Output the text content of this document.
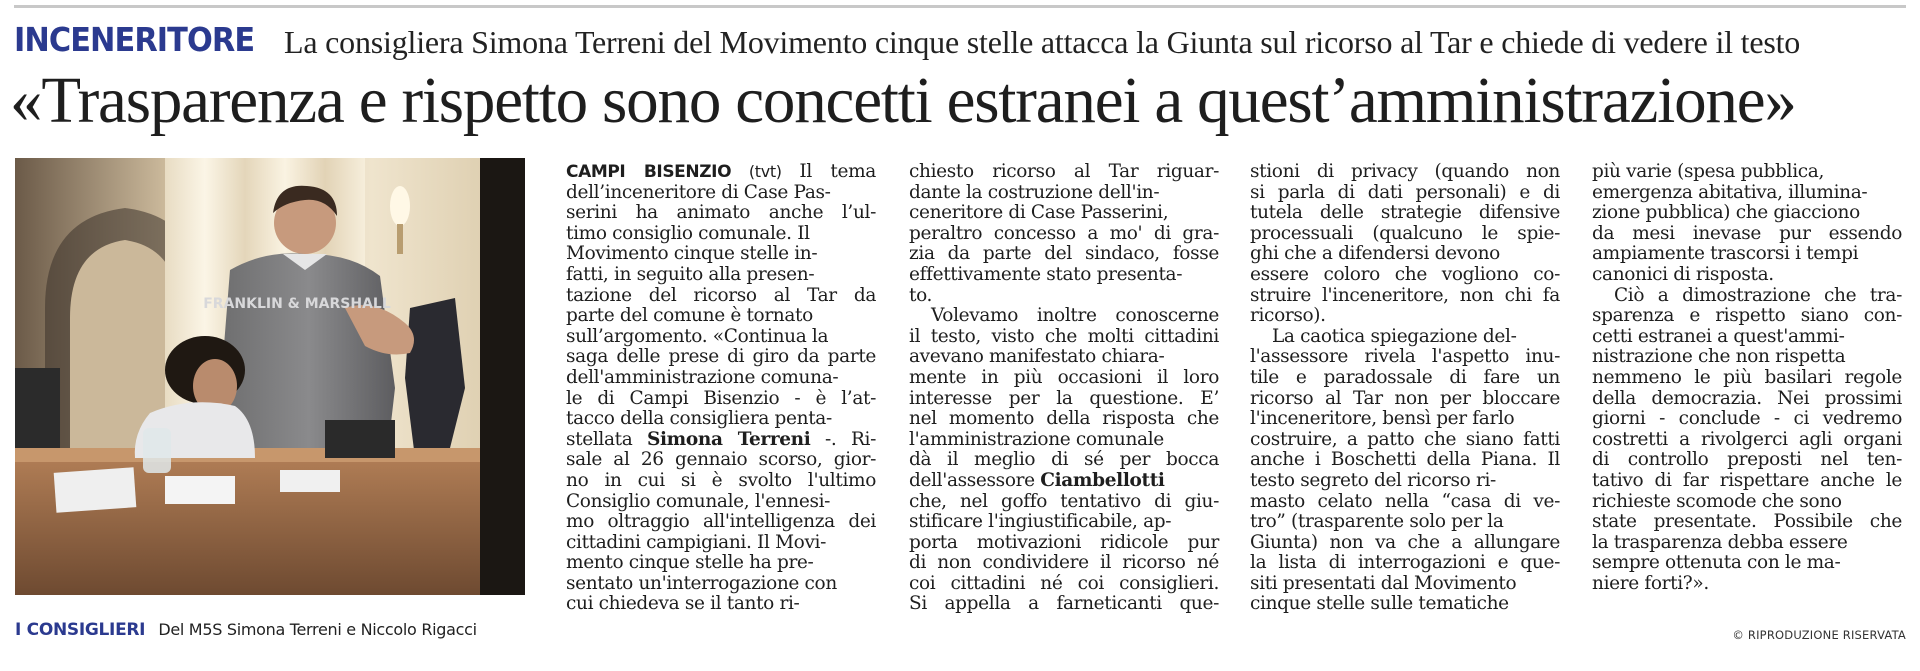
INCENERITORE La consigliera Simona Terreni del Movimento cinque stelle attacca la Giunta sul ricorso al Tar e chiede di vedere il testo
«Trasparenza e rispetto sono concetti estranei a quest’amministrazione»
FRANKLIN & MARSHALL
I CONSIGLIERI Del M5S Simona Terreni e Niccolo Rigacci
CAMPI BISENZIO (tvt) Il tema
dell’inceneritore di Case Pas-
serini ha animato anche l’ul-
timo consiglio comunale. Il
Movimento cinque stelle in-
fatti, in seguito alla presen-
tazione del ricorso al Tar da
parte del comune è tornato
sull’argomento. «Continua la
saga delle prese di giro da parte
dell'amministrazione comuna-
le di Campi Bisenzio - è l’at-
tacco della consigliera penta-
stellata Simona Terreni -. Ri-
sale al 26 gennaio scorso, gior-
no in cui si è svolto l'ultimo
Consiglio comunale, l'ennesi-
mo oltraggio all'intelligenza dei
cittadini campigiani. Il Movi-
mento cinque stelle ha pre-
sentato un'interrogazione con
cui chiedeva se il tanto ri-
chiesto ricorso al Tar riguar-
dante la costruzione dell'in-
ceneritore di Case Passerini,
peraltro concesso a mo' di gra-
zia da parte del sindaco, fosse
effettivamente stato presenta-
to.
Volevamo inoltre conoscerne
il testo, visto che molti cittadini
avevano manifestato chiara-
mente in più occasioni il loro
interesse per la questione. E’
nel momento della risposta che
l'amministrazione comunale
dà il meglio di sé per bocca
dell'assessore Ciambellotti
che, nel goffo tentativo di giu-
stificare l'ingiustificabile, ap-
porta motivazioni ridicole pur
di non condividere il ricorso né
coi cittadini né coi consiglieri.
Si appella a farneticanti que-
stioni di privacy (quando non
si parla di dati personali) e di
tutela delle strategie difensive
processuali (qualcuno le spie-
ghi che a difendersi devono
essere coloro che vogliono co-
struire l'inceneritore, non chi fa
ricorso).
La caotica spiegazione del-
l'assessore rivela l'aspetto inu-
tile e paradossale di fare un
ricorso al Tar non per bloccare
l'inceneritore, bensì per farlo
costruire, a patto che siano fatti
anche i Boschetti della Piana. Il
testo segreto del ricorso ri-
masto celato nella “casa di ve-
tro” (trasparente solo per la
Giunta) non va che a allungare
la lista di interrogazioni e que-
siti presentati dal Movimento
cinque stelle sulle tematiche
più varie (spesa pubblica,
emergenza abitativa, illumina-
zione pubblica) che giacciono
da mesi inevase pur essendo
ampiamente trascorsi i tempi
canonici di risposta.
Ciò a dimostrazione che tra-
sparenza e rispetto siano con-
cetti estranei a quest'ammi-
nistrazione che non rispetta
nemmeno le più basilari regole
della democrazia. Nei prossimi
giorni - conclude - ci vedremo
costretti a rivolgerci agli organi
di controllo preposti nel ten-
tativo di far rispettare anche le
richieste scomode che sono
state presentate. Possibile che
la trasparenza debba essere
sempre ottenuta con le ma-
niere forti?».
© RIPRODUZIONE RISERVATA
